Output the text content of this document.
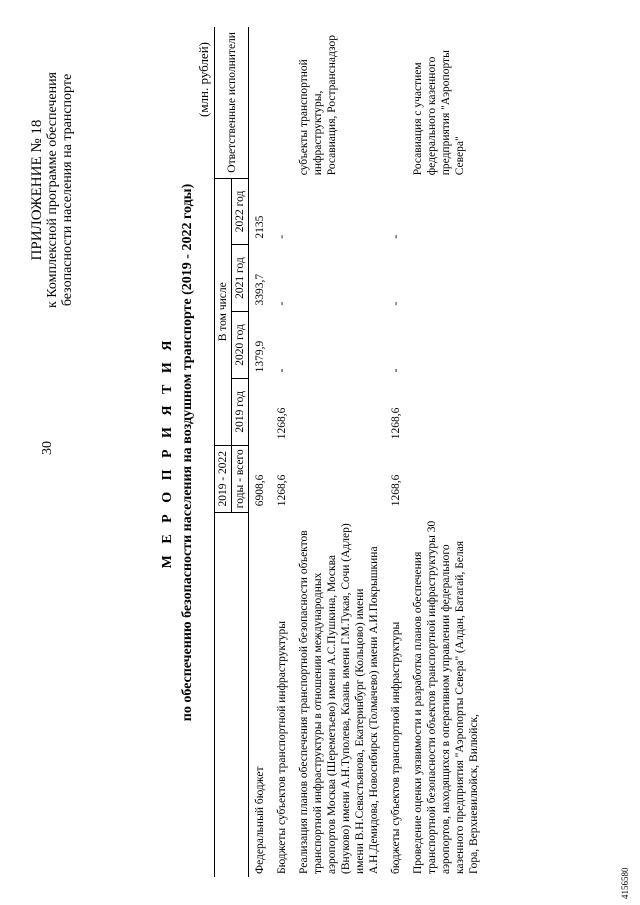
30
ПРИЛОЖЕНИЕ № 18 к Комплексной программе обеспечения безопасности населения на транспорте
М Е Р О П Р И Я Т И Я по обеспечению безопасности населения на воздушном транспорте (2019 - 2022 годы)
(млн. рублей)
	2019 - 2022	В том числе				Ответственные исполнители
	годы - всего	2019 год	2020 год	2021 год	2022 год	
Федеральный бюджет	6908,6		1379,9	3393,7	2135	
Бюджеты субъектов транспортной инфраструктуры	1268,6	1268,6	-	-	-	
Реализация планов обеспечения транспортной безопасности объектов транспортной инфраструктуры в отношении международных аэропортов Москва (Шереметьево) имени А.С.Пушкина, Москва (Внуково) имени А.Н.Туполева, Казань имени Г.М.Тукая, Сочи (Адлер) имени В.Н.Севастьянова, Екатеринбург (Кольцово) имени А.Н.Демидова, Новосибирск (Толмачево) имени А.И.Покрышкина						субъекты транспортной инфраструктуры, Росавиация, Ространснадзор
бюджеты субъектов транспортной инфраструктуры	1268,6	1268,6	-	-	-	
Проведение оценки уязвимости и разработка планов обеспечения транспортной безопасности объектов транспортной инфраструктуры 30 аэропортов, находящихся в оперативном управлении федерального казенного предприятия "Аэропорты Севера" (Алдан, Батагай, Белая Гора, Верхневилюйск, Вилюйск,						Росавиация с участием федерального казенного предприятия "Аэропорты Севера"
4156580
